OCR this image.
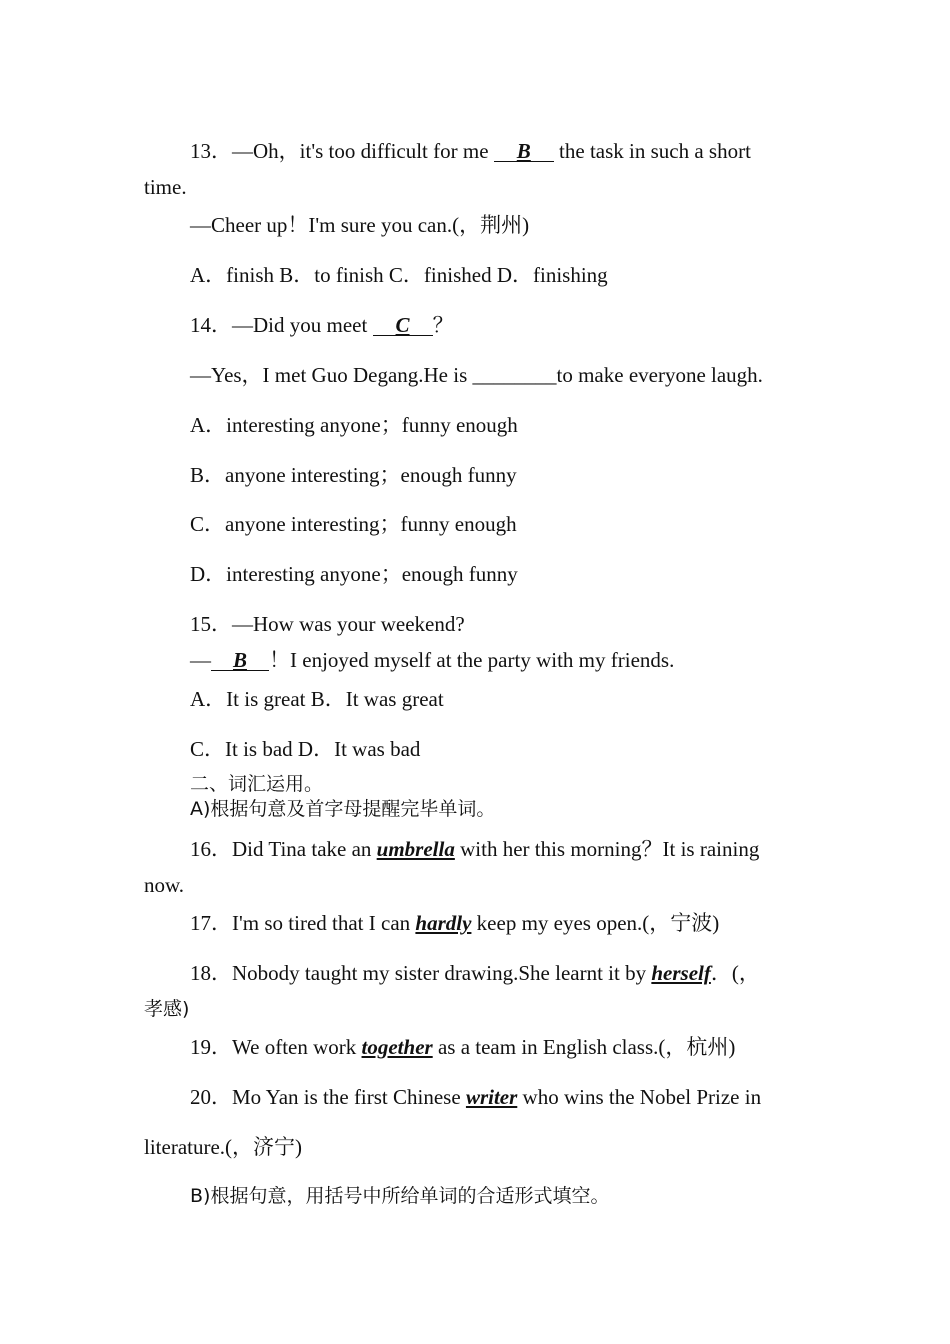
13．—Oh，it's too difficult for me B the task in such a short
time.
—Cheer up！I'm sure you can.(，荆州)
A．finish B．to finish C．finished D．finishing
14．—Did you meet C ？
—Yes，I met Guo Degang.He is ________to make everyone laugh.
A．interesting anyone；funny enough
B．anyone interesting；enough funny
C．anyone interesting；funny enough
D．interesting anyone；enough funny
15．—How was your weekend?
— B ！I enjoyed myself at the party with my friends.
A．It is great B．It was great
C．It is bad D．It was bad
二、词汇运用。
A)根据句意及首字母提醒完毕单词。
16．Did Tina take an umbrella with her this morning？It is raining
now.
17．I'm so tired that I can hardly keep my eyes open.(，宁波)
18．Nobody taught my sister drawing.She learnt it by herself．(，
孝感)
19．We often work together as a team in English class.(，杭州)
20．Mo Yan is the first Chinese writer who wins the Nobel Prize in
literature.(，济宁)
B)根据句意，用括号中所给单词的合适形式填空。
